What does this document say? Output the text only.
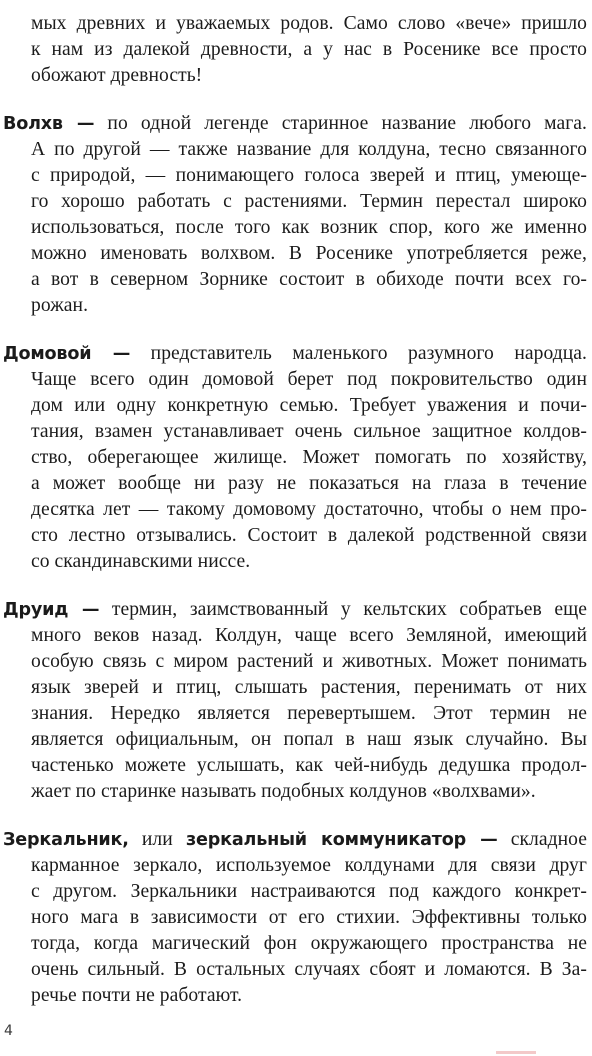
мых древних и уважаемых родов. Само слово «вече» пришло
к нам из далекой древности, а у нас в Росенике все просто
обожают древность!
Волхв — по одной легенде старинное название любого мага.
А по другой — также название для колдуна, тесно связанного
с природой, — понимающего голоса зверей и птиц, умеюще-
го хорошо работать с растениями. Термин перестал широко
использоваться, после того как возник спор, кого же именно
можно именовать волхвом. В Росенике употребляется реже,
а вот в северном Зорнике состоит в обиходе почти всех го-
рожан.
Домовой — представитель маленького разумного народца.
Чаще всего один домовой берет под покровительство один
дом или одну конкретную семью. Требует уважения и почи-
тания, взамен устанавливает очень сильное защитное колдов-
ство, оберегающее жилище. Может помогать по хозяйству,
а может вообще ни разу не показаться на глаза в течение
десятка лет — такому домовому достаточно, чтобы о нем про-
сто лестно отзывались. Состоит в далекой родственной связи
со скандинавскими ниссе.
Друид — термин, заимствованный у кельтских собратьев еще
много веков назад. Колдун, чаще всего Земляной, имеющий
особую связь с миром растений и животных. Может понимать
язык зверей и птиц, слышать растения, перенимать от них
знания. Нередко является перевертышем. Этот термин не
является официальным, он попал в наш язык случайно. Вы
частенько можете услышать, как чей-нибудь дедушка продол-
жает по старинке называть подобных колдунов «волхвами».
Зеркальник, или зеркальный коммуникатор — складное
карманное зеркало, используемое колдунами для связи друг
с другом. Зеркальники настраиваются под каждого конкрет-
ного мага в зависимости от его стихии. Эффективны только
тогда, когда магический фон окружающего пространства не
очень сильный. В остальных случаях сбоят и ломаются. В За-
речье почти не работают.
4
